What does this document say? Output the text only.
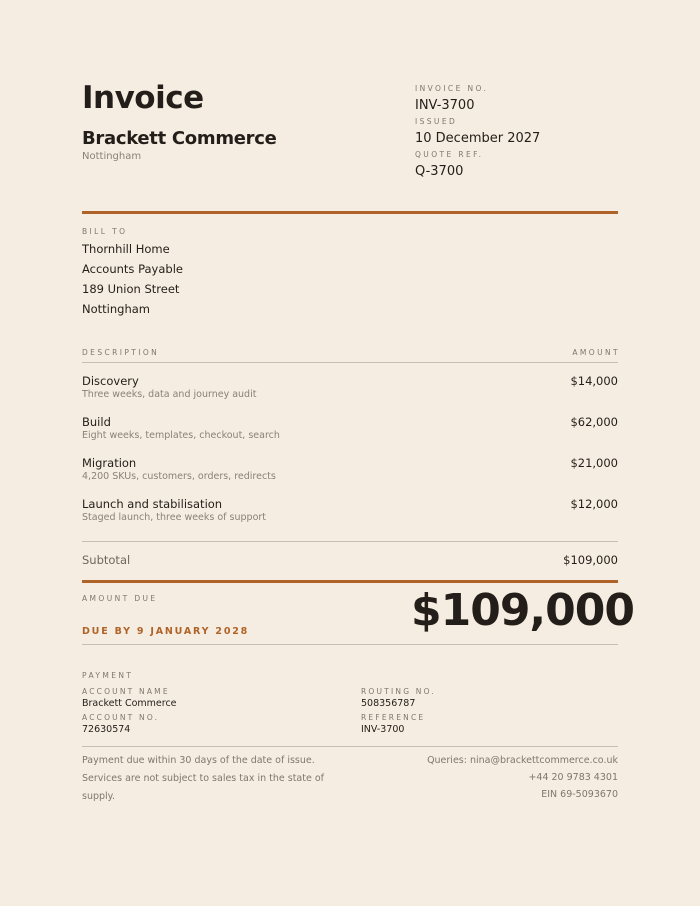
Invoice
Brackett Commerce
Nottingham
INVOICE NO.
INV-3700
ISSUED
10 December 2027
QUOTE REF.
Q-3700
BILL TO
Thornhill Home
Accounts Payable
189 Union Street
Nottingham
DESCRIPTION	AMOUNT
Discovery
Three weeks, data and journey audit
$14,000
Build
Eight weeks, templates, checkout, search
$62,000
Migration
4,200 SKUs, customers, orders, redirects
$21,000
Launch and stabilisation
Staged launch, three weeks of support
$12,000
Subtotal	$109,000
AMOUNT DUE
DUE BY 9 JANUARY 2028	$109,000
PAYMENT
ACCOUNT NAME
Brackett Commerce
ACCOUNT NO.
72630574
ROUTING NO.
508356787
REFERENCE
INV-3700
Payment due within 30 days of the date of issue. Services are not subject to sales tax in the state of supply.
Queries: nina@brackettcommerce.co.uk
+44 20 9783 4301
EIN 69-5093670
